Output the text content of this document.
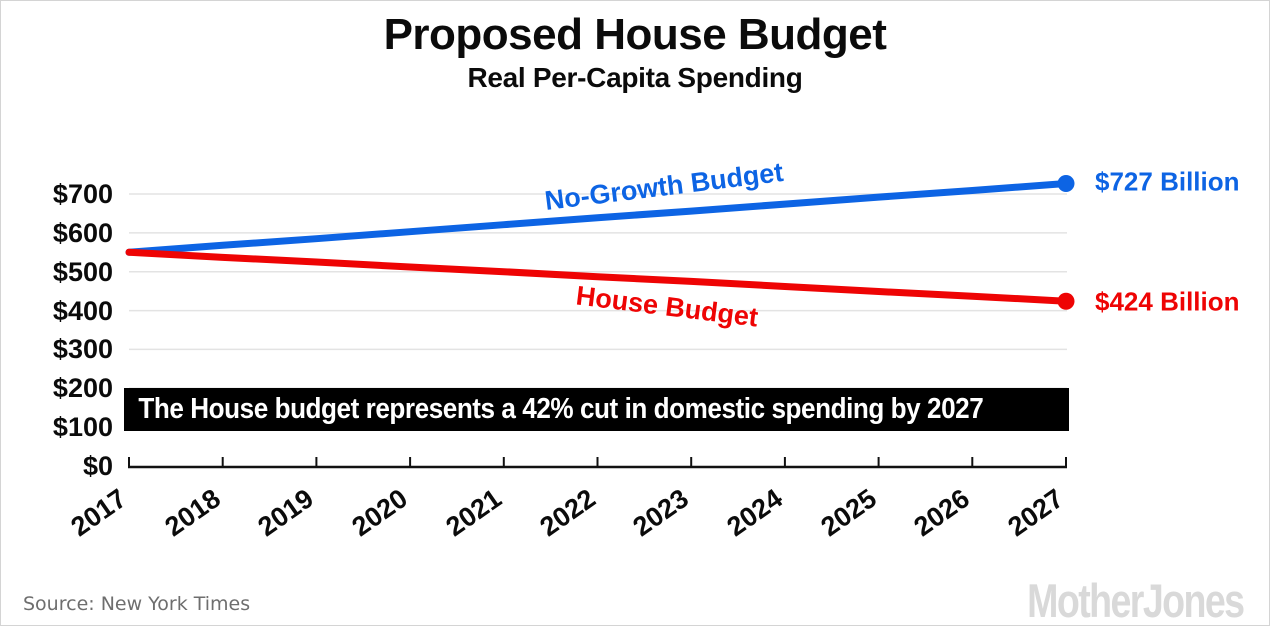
Proposed House Budget
Real Per-Capita Spending
$0
$100
$200
$300
$400
$500
$600
$700
2017 2018 2019 2020 2021 2022 2023 2024 2025 2026 2027
No-Growth Budget
House Budget
$727 Billion
$424 Billion
The House budget represents a 42% cut in domestic spending by 2027
Source: New York Times	MotherJones
